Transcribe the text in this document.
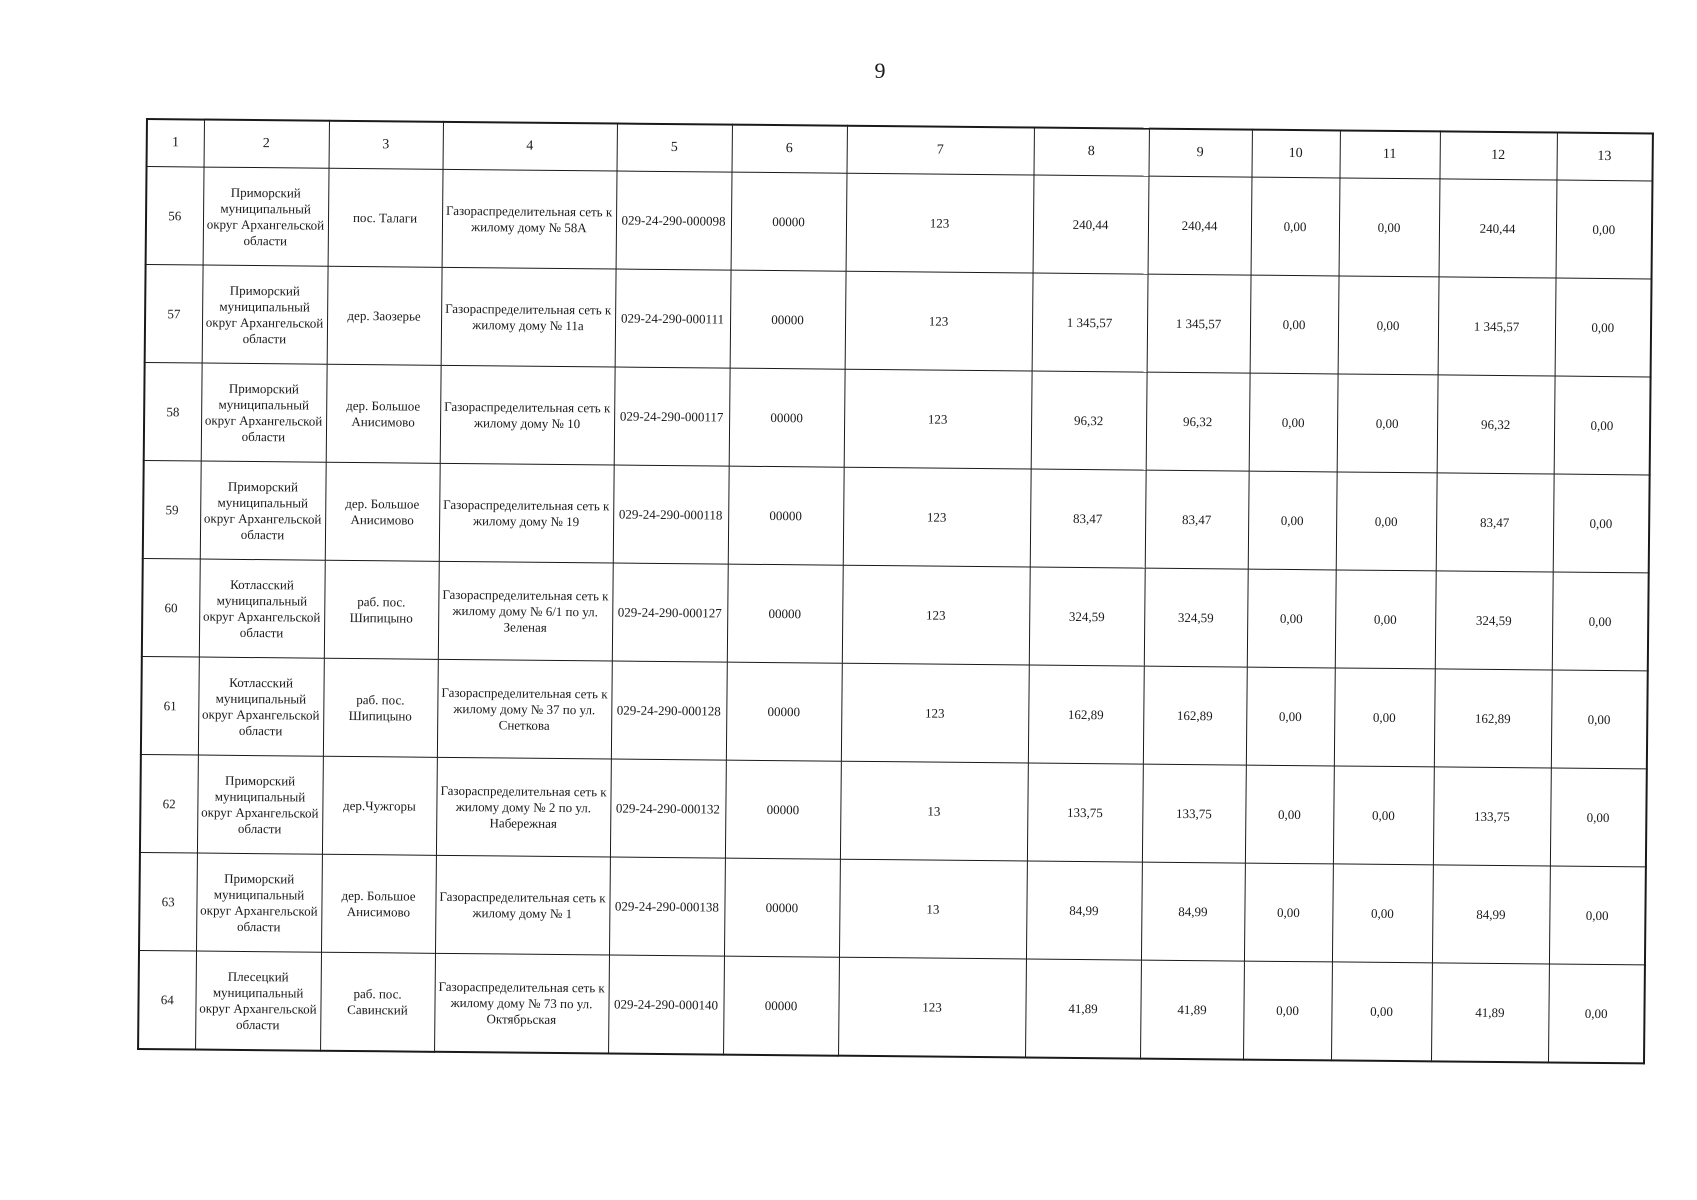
9
1	2	3	4	5	6	7	8	9	10	11	12	13
56	Приморский муниципальный округ Архангельской области	пос. Талаги	Газораспределительная сеть к жилому дому № 58А	029-24-290-000098	00000	123	240,44	240,44	0,00	0,00	240,44	0,00
57	Приморский муниципальный округ Архангельской области	дер. Заозерье	Газораспределительная сеть к жилому дому № 11а	029-24-290-000111	00000	123	1 345,57	1 345,57	0,00	0,00	1 345,57	0,00
58	Приморский муниципальный округ Архангельской области	дер. Большое Анисимово	Газораспределительная сеть к жилому дому № 10	029-24-290-000117	00000	123	96,32	96,32	0,00	0,00	96,32	0,00
59	Приморский муниципальный округ Архангельской области	дер. Большое Анисимово	Газораспределительная сеть к жилому дому № 19	029-24-290-000118	00000	123	83,47	83,47	0,00	0,00	83,47	0,00
60	Котласский муниципальный округ Архангельской области	раб. пос. Шипицыно	Газораспределительная сеть к жилому дому № 6/1 по ул. Зеленая	029-24-290-000127	00000	123	324,59	324,59	0,00	0,00	324,59	0,00
61	Котласский муниципальный округ Архангельской области	раб. пос. Шипицыно	Газораспределительная сеть к жилому дому № 37 по ул. Снеткова	029-24-290-000128	00000	123	162,89	162,89	0,00	0,00	162,89	0,00
62	Приморский муниципальный округ Архангельской области	дер.Чужгоры	Газораспределительная сеть к жилому дому № 2 по ул. Набережная	029-24-290-000132	00000	13	133,75	133,75	0,00	0,00	133,75	0,00
63	Приморский муниципальный округ Архангельской области	дер. Большое Анисимово	Газораспределительная сеть к жилому дому № 1	029-24-290-000138	00000	13	84,99	84,99	0,00	0,00	84,99	0,00
64	Плесецкий муниципальный округ Архангельской области	раб. пос. Савинский	Газораспределительная сеть к жилому дому № 73 по ул. Октябрьская	029-24-290-000140	00000	123	41,89	41,89	0,00	0,00	41,89	0,00
